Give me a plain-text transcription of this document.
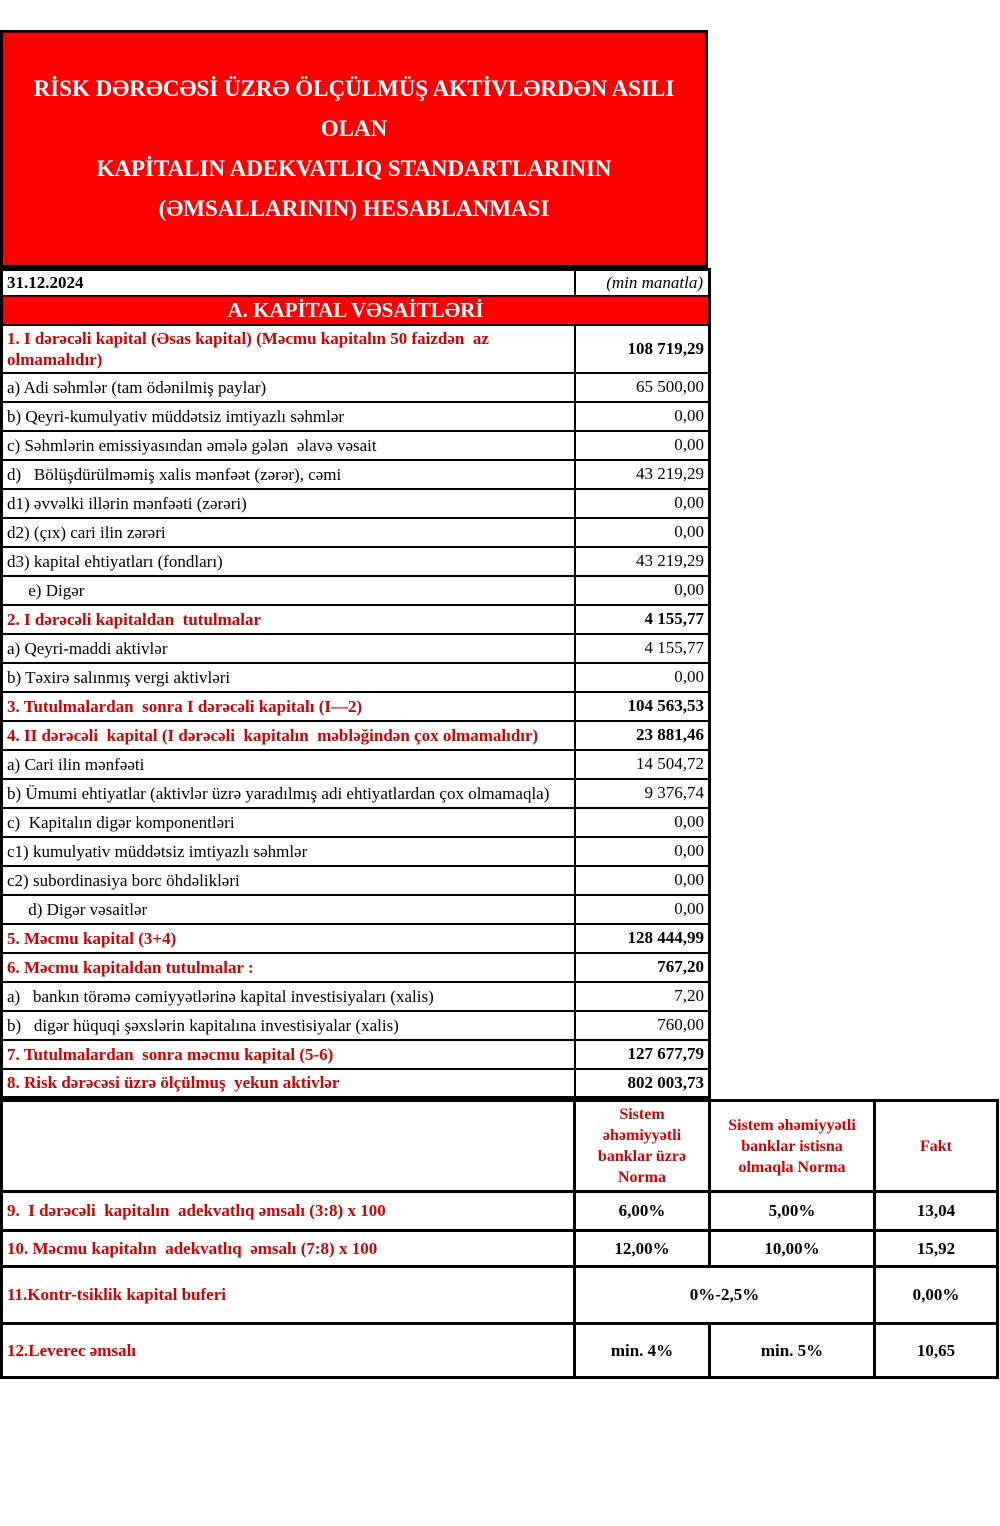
RİSK DƏRƏCƏSİ ÜZRƏ ÖLÇÜLMÜŞ AKTİVLƏRDƏN ASILI OLAN
KAPİTALIN ADEKVATLIQ STANDARTLARININ
(ƏMSALLARININ) HESABLANMASI
31.12.2024	(min manatla)
A. KAPİTAL VƏSAİTLƏRİ	
1. I dərəcəli kapital (Əsas kapital) (Məcmu kapitalın 50 faizdən  az olmamalıdır)	108 719,29
a) Adi səhmlər (tam ödənilmiş paylar)	65 500,00
b) Qeyri-kumulyativ müddətsiz imtiyazlı səhmlər	0,00
c) Səhmlərin emissiyasından əmələ gələn  əlavə vəsait	0,00
d)   Bölüşdürülməmiş xalis mənfəət (zərər), cəmi	43 219,29
d1) əvvəlki illərin mənfəəti (zərəri)	0,00
d2) (çıx) cari ilin zərəri	0,00
d3) kapital ehtiyatları (fondları)	43 219,29
e) Digər	0,00
2. I dərəcəli kapitaldan  tutulmalar	4 155,77
a) Qeyri-maddi aktivlər	4 155,77
b) Təxirə salınmış vergi aktivləri	0,00
3. Tutulmalardan  sonra I dərəcəli kapitalı (I—2)	104 563,53
4. II dərəcəli  kapital (I dərəcəli  kapitalın  məbləğindən çox olmamalıdır)	23 881,46
a) Cari ilin mənfəəti	14 504,72
b) Ümumi ehtiyatlar (aktivlər üzrə yaradılmış adi ehtiyatlardan çox olmamaqla)	9 376,74
c)  Kapitalın digər komponentləri	0,00
c1) kumulyativ müddətsiz imtiyazlı səhmlər	0,00
c2) subordinasiya borc öhdəlikləri	0,00
d) Digər vəsaitlər	0,00
5. Məcmu kapital (3+4)	128 444,99
6. Məcmu kapitaldan tutulmalar :	767,20
a)   bankın törəmə cəmiyyətlərinə kapital investisiyaları (xalis)	7,20
b)   digər hüquqi şəxslərin kapitalına investisiyalar (xalis)	760,00
7. Tutulmalardan  sonra məcmu kapital (5-6)	127 677,79
8. Risk dərəcəsi üzrə ölçülmuş  yekun aktivlər	802 003,73
	Sistem əhəmiyyətli banklar üzrə Norma	Sistem əhəmiyyətli banklar istisna olmaqla Norma	Fakt
9.  I dərəcəli  kapitalın  adekvatlıq əmsalı (3:8) x 100	6,00%	5,00%	13,04
10. Məcmu kapitalın  adekvatlıq  əmsalı (7:8) x 100	12,00%	10,00%	15,92
11.Kontr-tsiklik kapital buferi	0%-2,5%		0,00%
12.Leverec əmsalı	min. 4%	min. 5%	10,65
